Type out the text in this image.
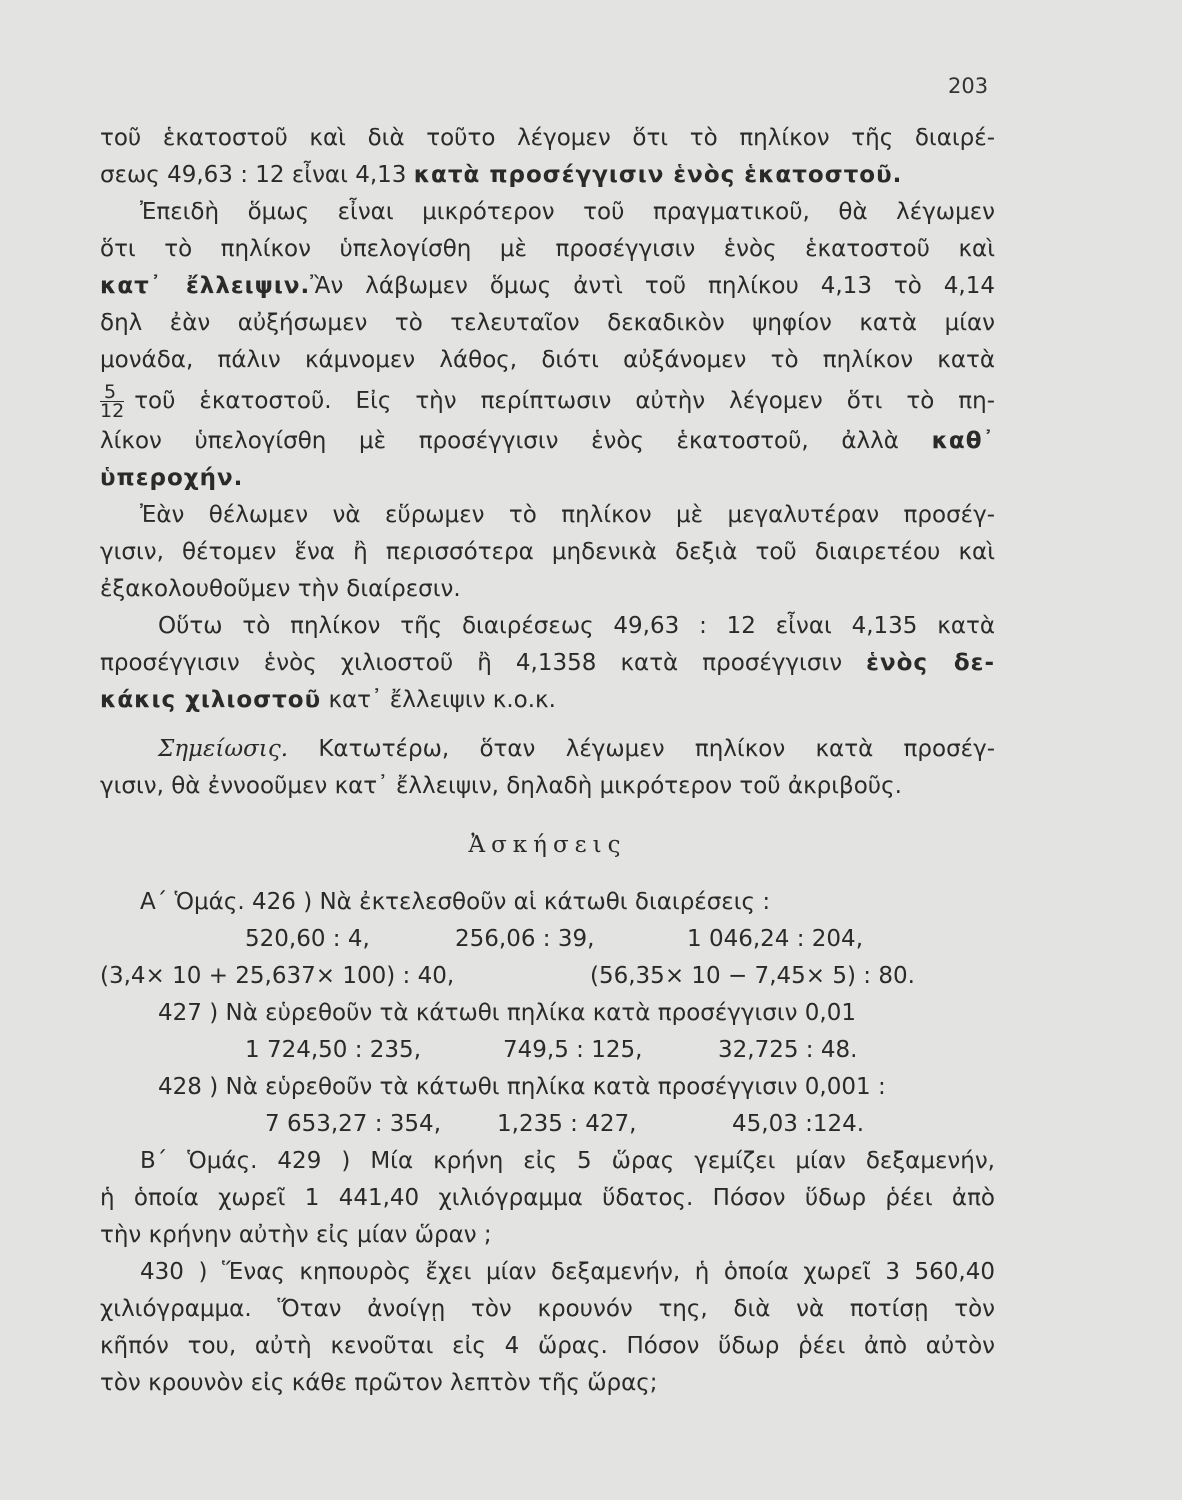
203

τοῦ ἑκατοστοῦ καὶ διὰ τοῦτο λέγομεν ὅτι τὸ πηλίκον τῆς διαιρέ-
σεως 49,63 : 12 εἶναι 4,13 κατὰ προσέγγισιν ἑνὸς ἑκατοστοῦ.

Ἐπειδὴ ὅμως εἶναι μικρότερον τοῦ πραγματικοῦ, θὰ λέγωμεν
ὅτι τὸ πηλίκον ὑπελογίσθη μὲ προσέγγισιν ἑνὸς ἑκατοστοῦ καὶ
κατ᾽ ἔλλειψιν.Ἂν λάβωμεν ὅμως ἀντὶ τοῦ πηλίκου 4,13 τὸ 4,14
δηλ ἐὰν αὐξήσωμεν τὸ τελευταῖον δεκαδικὸν ψηφίον κατὰ μίαν
μονάδα, πάλιν κάμνομεν λάθος, διότι αὐξάνομεν τὸ πηλίκον κατὰ
$\frac{5}{12}$ τοῦ ἑκατοστοῦ. Εἰς τὴν περίπτωσιν αὐτὴν λέγομεν ὅτι τὸ πη-
λίκον ὑπελογίσθη μὲ προσέγγισιν ἑνὸς ἑκατοστοῦ, ἀλλὰ καθ᾽
ὑπεροχήν.

Ἐὰν θέλωμεν νὰ εὕρωμεν τὸ πηλίκον μὲ μεγαλυτέραν προσέγ-
γισιν, θέτομεν ἕνα ἢ περισσότερα μηδενικὰ δεξιὰ τοῦ διαιρετέου καὶ
ἐξακολουθοῦμεν τὴν διαίρεσιν.

Οὕτω τὸ πηλίκον τῆς διαιρέσεως 49,63 : 12 εἶναι 4,135 κατὰ
προσέγγισιν ἑνὸς χιλιοστοῦ ἢ 4,1358 κατὰ προσέγγισιν ἑνὸς δε-
κάκις χιλιοστοῦ κατ᾽ ἔλλειψιν κ.ο.κ.

Σημείωσις. Κατωτέρω, ὅταν λέγωμεν πηλίκον κατὰ προσέγ-
γισιν, θὰ ἐννοοῦμεν κατ᾽ ἔλλειψιν, δηλαδὴ μικρότερον τοῦ ἀκριβοῦς.

Ἀσκήσεις
Α΄ Ὁμάς. 426 ) Νὰ ἐκτελεσθοῦν αἱ κάτωθι διαιρέσεις :
520,60 : 4,	256,06 : 39,	1 046,24 : 204,
(3,4× 10 + 25,637× 100) : 40,	(56,35× 10 − 7,45× 5) : 80.
427 ) Νὰ εὑρεθοῦν τὰ κάτωθι πηλίκα κατὰ προσέγγισιν 0,01
1 724,50 : 235,	749,5 : 125,	32,725 : 48.
428 ) Νὰ εὑρεθοῦν τὰ κάτωθι πηλίκα κατὰ προσέγγισιν 0,001 :
7 653,27 : 354, 1,235 : 427,	45,03 :124.
Β΄ Ὁμάς. 429 ) Μία κρήνη εἰς 5 ὥρας γεμίζει μίαν δεξαμενήν,
ἡ ὁποία χωρεῖ 1 441,40 χιλιόγραμμα ὕδατος. Πόσον ὕδωρ ῥέει ἀπὸ
τὴν κρήνην αὐτὴν εἰς μίαν ὥραν ;
430 ) Ἕνας κηπουρὸς ἔχει μίαν δεξαμενήν, ἡ ὁποία χωρεῖ 3 560,40
χιλιόγραμμα. Ὅταν ἀνοίγῃ τὸν κρουνόν της, διὰ νὰ ποτίσῃ τὸν
κῆπόν του, αὐτὴ κενοῦται εἰς 4 ὥρας. Πόσον ὕδωρ ῥέει ἀπὸ αὐτὸν
τὸν κρουνὸν εἰς κάθε πρῶτον λεπτὸν τῆς ὥρας;
